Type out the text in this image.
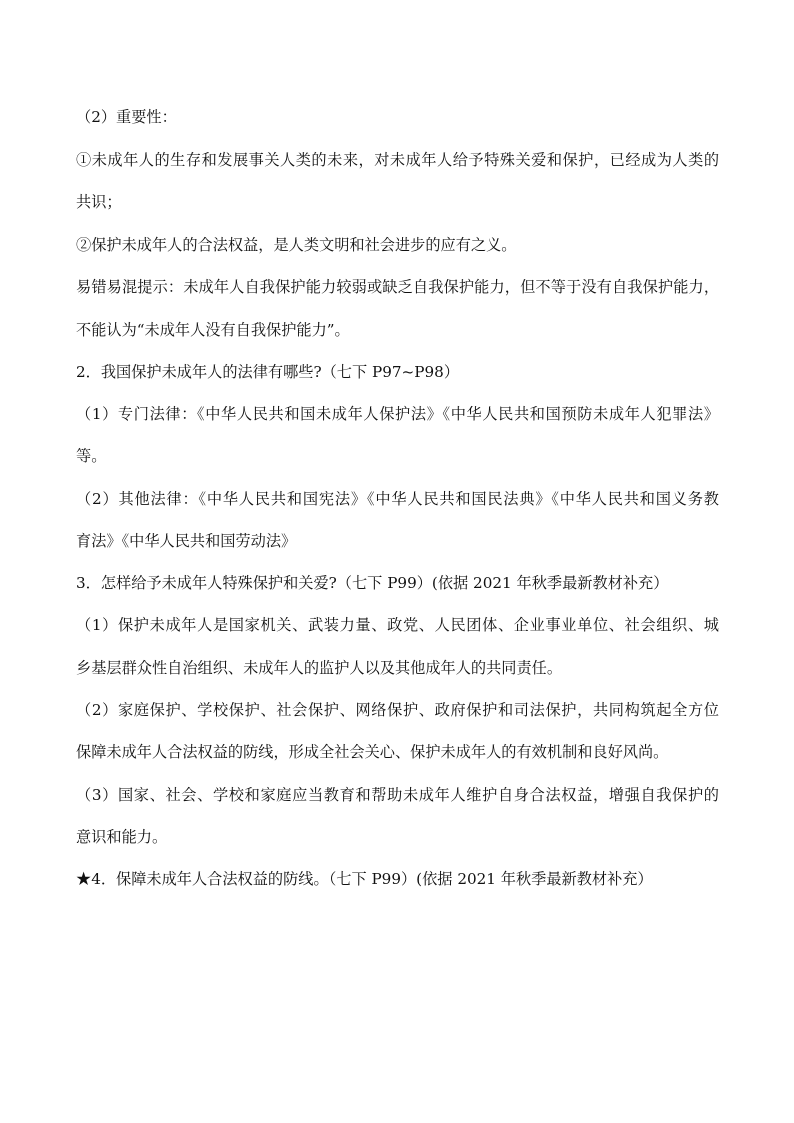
（2）重要性：
①未成年人的生存和发展事关人类的未来，对未成年人给予特殊关爱和保护，已经成为人类的
共识；
②保护未成年人的合法权益，是人类文明和社会进步的应有之义。
易错易混提示：未成年人自我保护能力较弱或缺乏自我保护能力，但不等于没有自我保护能力，
不能认为“未成年人没有自我保护能力”。
2．我国保护未成年人的法律有哪些?（七下 P97~P98）
（1）专门法律：《中华人民共和国未成年人保护法》《中华人民共和国预防未成年人犯罪法》
等。
（2）其他法律：《中华人民共和国宪法》《中华人民共和国民法典》《中华人民共和国义务教
育法》《中华人民共和国劳动法》
3．怎样给予未成年人特殊保护和关爱?（七下 P99）(依据 2021 年秋季最新教材补充）
（1）保护未成年人是国家机关、武装力量、政党、人民团体、企业事业单位、社会组织、城
乡基层群众性自治组织、未成年人的监护人以及其他成年人的共同责任。
（2）家庭保护、学校保护、社会保护、网络保护、政府保护和司法保护，共同构筑起全方位
保障未成年人合法权益的防线，形成全社会关心、保护未成年人的有效机制和良好风尚。
（3）国家、社会、学校和家庭应当教育和帮助未成年人维护自身合法权益，增强自我保护的
意识和能力。
★4．保障未成年人合法权益的防线。（七下 P99）(依据 2021 年秋季最新教材补充）
